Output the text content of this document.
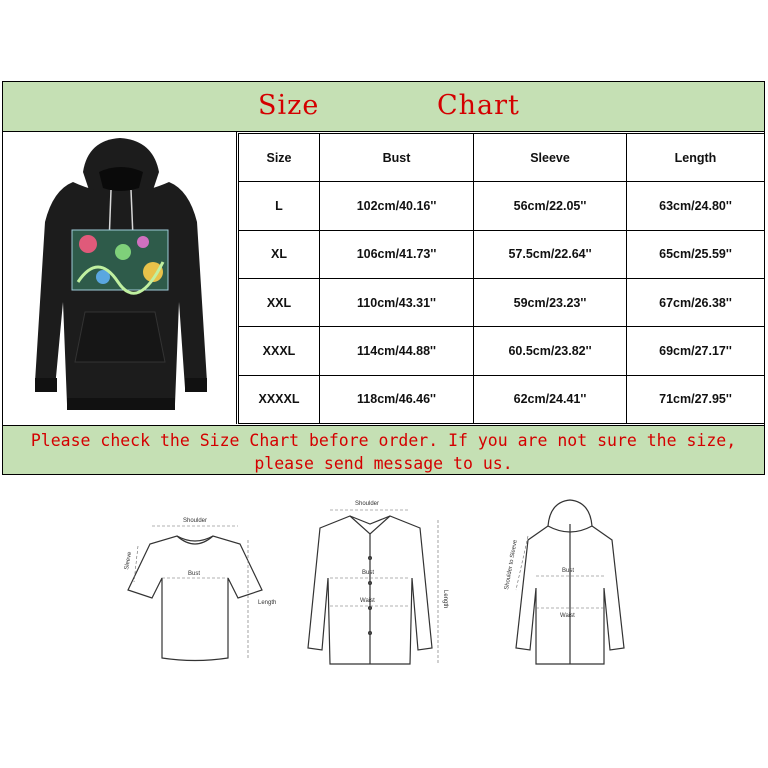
Size	Chart
Size	Bust	Sleeve	Length
L	102cm/40.16''	56cm/22.05''	63cm/24.80''
XL	106cm/41.73''	57.5cm/22.64''	65cm/25.59''
XXL	110cm/43.31''	59cm/23.23''	67cm/26.38''
XXXL	114cm/44.88''	60.5cm/23.82''	69cm/27.17''
XXXXL	118cm/46.46''	62cm/24.41''	71cm/27.95''
Please check the Size Chart before order. If you are not sure the size,
please send message to us.
Shoulder
Bust
Length
Sleeve
Shoulder
Bust
Waist	Length
Bust
Waist
Shoulder to Sleeve
